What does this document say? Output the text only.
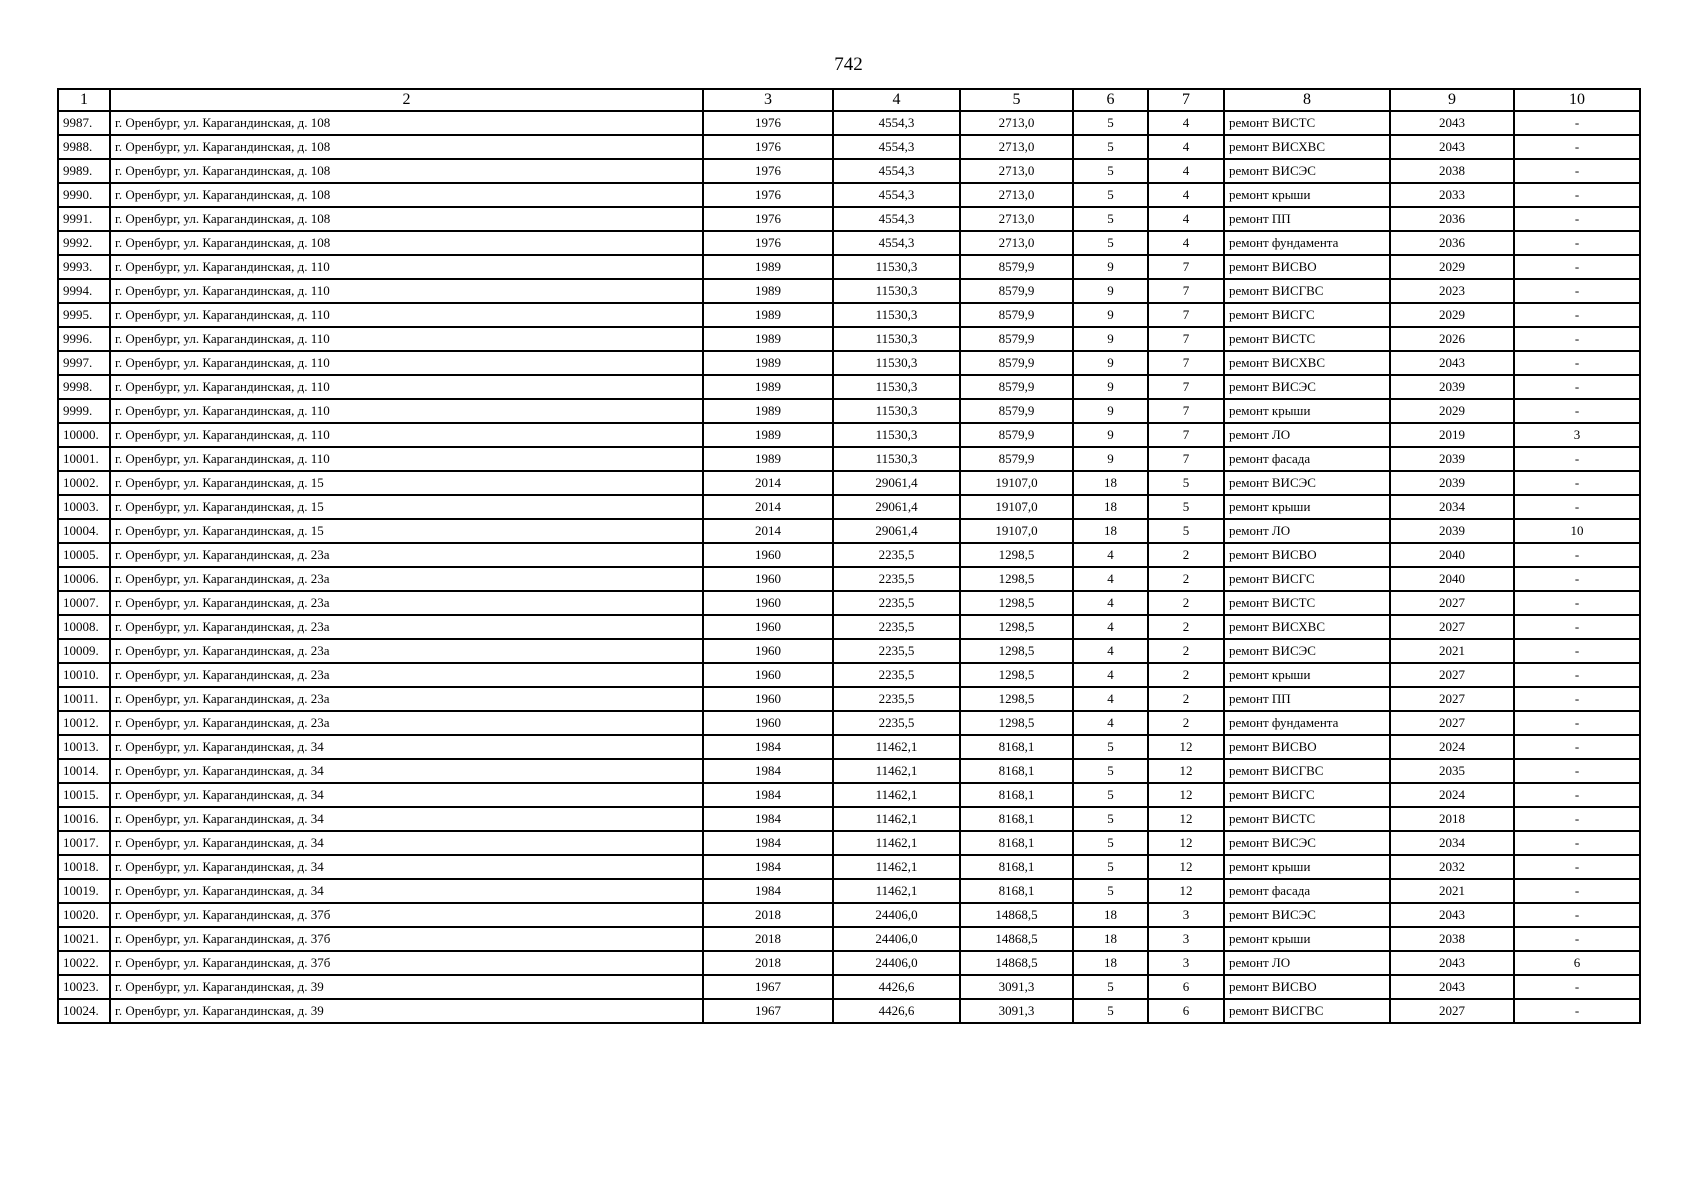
742
1	2	3	4	5	6	7	8	9	10
9987.	г. Оренбург, ул. Карагандинская, д. 108	1976	4554,3	2713,0	5	4	ремонт ВИСТС	2043	-
9988.	г. Оренбург, ул. Карагандинская, д. 108	1976	4554,3	2713,0	5	4	ремонт ВИСХВС	2043	-
9989.	г. Оренбург, ул. Карагандинская, д. 108	1976	4554,3	2713,0	5	4	ремонт ВИСЭС	2038	-
9990.	г. Оренбург, ул. Карагандинская, д. 108	1976	4554,3	2713,0	5	4	ремонт крыши	2033	-
9991.	г. Оренбург, ул. Карагандинская, д. 108	1976	4554,3	2713,0	5	4	ремонт ПП	2036	-
9992.	г. Оренбург, ул. Карагандинская, д. 108	1976	4554,3	2713,0	5	4	ремонт фундамента	2036	-
9993.	г. Оренбург, ул. Карагандинская, д. 110	1989	11530,3	8579,9	9	7	ремонт ВИСВО	2029	-
9994.	г. Оренбург, ул. Карагандинская, д. 110	1989	11530,3	8579,9	9	7	ремонт ВИСГВС	2023	-
9995.	г. Оренбург, ул. Карагандинская, д. 110	1989	11530,3	8579,9	9	7	ремонт ВИСГС	2029	-
9996.	г. Оренбург, ул. Карагандинская, д. 110	1989	11530,3	8579,9	9	7	ремонт ВИСТС	2026	-
9997.	г. Оренбург, ул. Карагандинская, д. 110	1989	11530,3	8579,9	9	7	ремонт ВИСХВС	2043	-
9998.	г. Оренбург, ул. Карагандинская, д. 110	1989	11530,3	8579,9	9	7	ремонт ВИСЭС	2039	-
9999.	г. Оренбург, ул. Карагандинская, д. 110	1989	11530,3	8579,9	9	7	ремонт крыши	2029	-
10000.	г. Оренбург, ул. Карагандинская, д. 110	1989	11530,3	8579,9	9	7	ремонт ЛО	2019	3
10001.	г. Оренбург, ул. Карагандинская, д. 110	1989	11530,3	8579,9	9	7	ремонт фасада	2039	-
10002.	г. Оренбург, ул. Карагандинская, д. 15	2014	29061,4	19107,0	18	5	ремонт ВИСЭС	2039	-
10003.	г. Оренбург, ул. Карагандинская, д. 15	2014	29061,4	19107,0	18	5	ремонт крыши	2034	-
10004.	г. Оренбург, ул. Карагандинская, д. 15	2014	29061,4	19107,0	18	5	ремонт ЛО	2039	10
10005.	г. Оренбург, ул. Карагандинская, д. 23а	1960	2235,5	1298,5	4	2	ремонт ВИСВО	2040	-
10006.	г. Оренбург, ул. Карагандинская, д. 23а	1960	2235,5	1298,5	4	2	ремонт ВИСГС	2040	-
10007.	г. Оренбург, ул. Карагандинская, д. 23а	1960	2235,5	1298,5	4	2	ремонт ВИСТС	2027	-
10008.	г. Оренбург, ул. Карагандинская, д. 23а	1960	2235,5	1298,5	4	2	ремонт ВИСХВС	2027	-
10009.	г. Оренбург, ул. Карагандинская, д. 23а	1960	2235,5	1298,5	4	2	ремонт ВИСЭС	2021	-
10010.	г. Оренбург, ул. Карагандинская, д. 23а	1960	2235,5	1298,5	4	2	ремонт крыши	2027	-
10011.	г. Оренбург, ул. Карагандинская, д. 23а	1960	2235,5	1298,5	4	2	ремонт ПП	2027	-
10012.	г. Оренбург, ул. Карагандинская, д. 23а	1960	2235,5	1298,5	4	2	ремонт фундамента	2027	-
10013.	г. Оренбург, ул. Карагандинская, д. 34	1984	11462,1	8168,1	5	12	ремонт ВИСВО	2024	-
10014.	г. Оренбург, ул. Карагандинская, д. 34	1984	11462,1	8168,1	5	12	ремонт ВИСГВС	2035	-
10015.	г. Оренбург, ул. Карагандинская, д. 34	1984	11462,1	8168,1	5	12	ремонт ВИСГС	2024	-
10016.	г. Оренбург, ул. Карагандинская, д. 34	1984	11462,1	8168,1	5	12	ремонт ВИСТС	2018	-
10017.	г. Оренбург, ул. Карагандинская, д. 34	1984	11462,1	8168,1	5	12	ремонт ВИСЭС	2034	-
10018.	г. Оренбург, ул. Карагандинская, д. 34	1984	11462,1	8168,1	5	12	ремонт крыши	2032	-
10019.	г. Оренбург, ул. Карагандинская, д. 34	1984	11462,1	8168,1	5	12	ремонт фасада	2021	-
10020.	г. Оренбург, ул. Карагандинская, д. 37б	2018	24406,0	14868,5	18	3	ремонт ВИСЭС	2043	-
10021.	г. Оренбург, ул. Карагандинская, д. 37б	2018	24406,0	14868,5	18	3	ремонт крыши	2038	-
10022.	г. Оренбург, ул. Карагандинская, д. 37б	2018	24406,0	14868,5	18	3	ремонт ЛО	2043	6
10023.	г. Оренбург, ул. Карагандинская, д. 39	1967	4426,6	3091,3	5	6	ремонт ВИСВО	2043	-
10024.	г. Оренбург, ул. Карагандинская, д. 39	1967	4426,6	3091,3	5	6	ремонт ВИСГВС	2027	-
